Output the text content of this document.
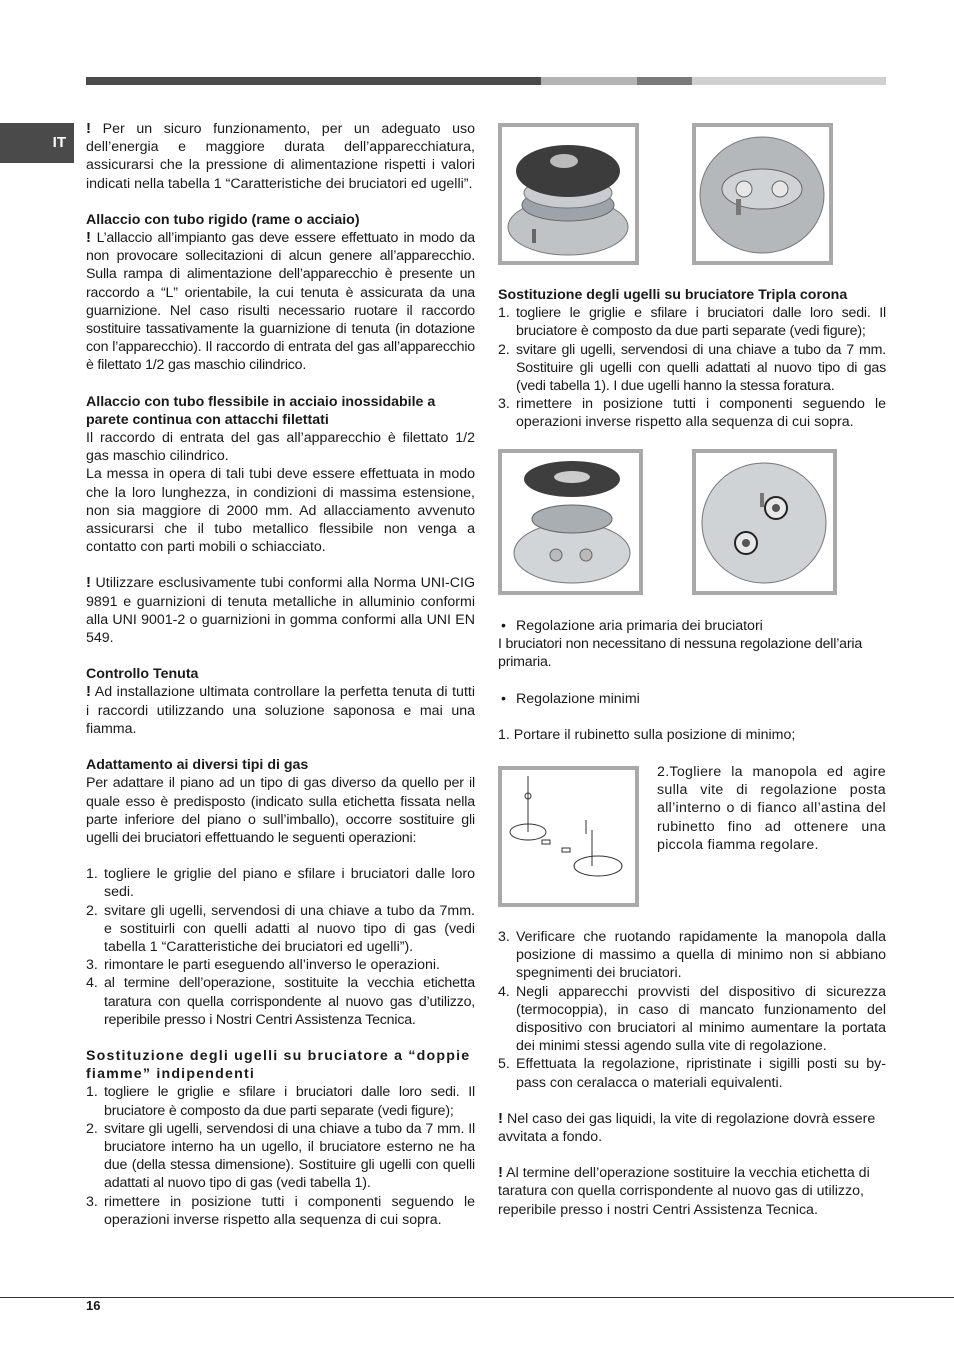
IT

! Per un sicuro funzionamento, per un adeguato uso dell’energia e maggiore durata dell’apparecchiatura, assicurarsi che la pressione di alimentazione rispetti i valori indicati nella tabella 1 “Caratteristiche dei bruciatori ed ugelli”.

Allaccio con tubo rigido (rame o acciaio)

! L’allaccio all’impianto gas deve essere effettuato in modo da non provocare sollecitazioni di alcun genere all’apparecchio. Sulla rampa di alimentazione dell’apparecchio è presente un raccordo a “L” orientabile, la cui tenuta è assicurata da una guarnizione. Nel caso risulti necessario ruotare il raccordo sostituire tassativamente la guarnizione di tenuta (in dotazione con l’apparecchio). Il raccordo di entrata del gas all’apparecchio è filettato 1/2 gas maschio cilindrico.

Allaccio con tubo flessibile in acciaio inossidabile a parete continua con attacchi filettati

Il raccordo di entrata del gas all’apparecchio è filettato 1/2 gas maschio cilindrico.

La messa in opera di tali tubi deve essere effettuata in modo che la loro lunghezza, in condizioni di massima estensione, non sia maggiore di 2000 mm. Ad allacciamento avvenuto assicurarsi che il tubo metallico flessibile non venga a contatto con parti mobili o schiacciato.

! Utilizzare esclusivamente tubi conformi alla Norma UNI-CIG 9891 e guarnizioni di tenuta metalliche in alluminio conformi alla UNI 9001-2 o guarnizioni in gomma conformi alla UNI EN 549.

Controllo Tenuta

! Ad installazione ultimata controllare la perfetta tenuta di tutti i raccordi utilizzando una soluzione saponosa e mai una fiamma.

Adattamento ai diversi tipi di gas

Per adattare il piano ad un tipo di gas diverso da quello per il quale esso è predisposto (indicato sulla etichetta fissata nella parte inferiore del piano o sull’imballo), occorre sostituire gli ugelli dei bruciatori effettuando le seguenti operazioni:

1. togliere le griglie del piano e sfilare i bruciatori dalle loro sedi.
2. svitare gli ugelli, servendosi di una chiave a tubo da 7mm. e sostituirli con quelli adatti al nuovo tipo di gas (vedi tabella 1 “Caratteristiche dei bruciatori ed ugelli”).
3. rimontare le parti eseguendo all’inverso le operazioni.
4. al termine dell’operazione, sostituite la vecchia etichetta taratura con quella corrispondente al nuovo gas d’utilizzo, reperibile presso i Nostri Centri Assistenza Tecnica.
Sostituzione degli ugelli su bruciatore a “doppie fiamme” indipendenti
1. togliere le griglie e sfilare i bruciatori dalle loro sedi. Il bruciatore è composto da due parti separate (vedi figure);
2. svitare gli ugelli, servendosi di una chiave a tubo da 7 mm. Il bruciatore interno ha un ugello, il bruciatore esterno ne ha due (della stessa dimensione). Sostituire gli ugelli con quelli adattati al nuovo tipo di gas (vedi tabella 1).
3. rimettere in posizione tutti i componenti seguendo le operazioni inverse rispetto alla sequenza di cui sopra.
Sostituzione degli ugelli su bruciatore Tripla corona
1. togliere le griglie e sfilare i bruciatori dalle loro sedi. Il bruciatore è composto da due parti separate (vedi figure);
2. svitare gli ugelli, servendosi di una chiave a tubo da 7 mm. Sostituire gli ugelli con quelli adattati al nuovo tipo di gas (vedi tabella 1). I due ugelli hanno la stessa foratura.
3. rimettere in posizione tutti i componenti seguendo le operazioni inverse rispetto alla sequenza di cui sopra.

• Regolazione aria primaria dei bruciatori

I bruciatori non necessitano di nessuna regolazione dell’aria primaria.

• Regolazione minimi

1. Portare il rubinetto sulla posizione di minimo;

2.Togliere la manopola ed agire sulla vite di regolazione posta all’interno o di fianco all’astina del rubinetto fino ad ottenere una piccola fiamma regolare.

3. Verificare che ruotando rapidamente la manopola dalla posizione di massimo a quella di minimo non si abbiano spegnimenti dei bruciatori.
4. Negli apparecchi provvisti del dispositivo di sicurezza (termocoppia), in caso di mancato funzionamento del dispositivo con bruciatori al minimo aumentare la portata dei minimi stessi agendo sulla vite di regolazione.
5. Effettuata la regolazione, ripristinate i sigilli posti su by-pass con ceralacca o materiali equivalenti.

! Nel caso dei gas liquidi, la vite di regolazione dovrà essere avvitata a fondo.

! Al termine dell’operazione sostituire la vecchia etichetta di taratura con quella corrispondente al nuovo gas di utilizzo, reperibile presso i nostri Centri Assistenza Tecnica.

16
